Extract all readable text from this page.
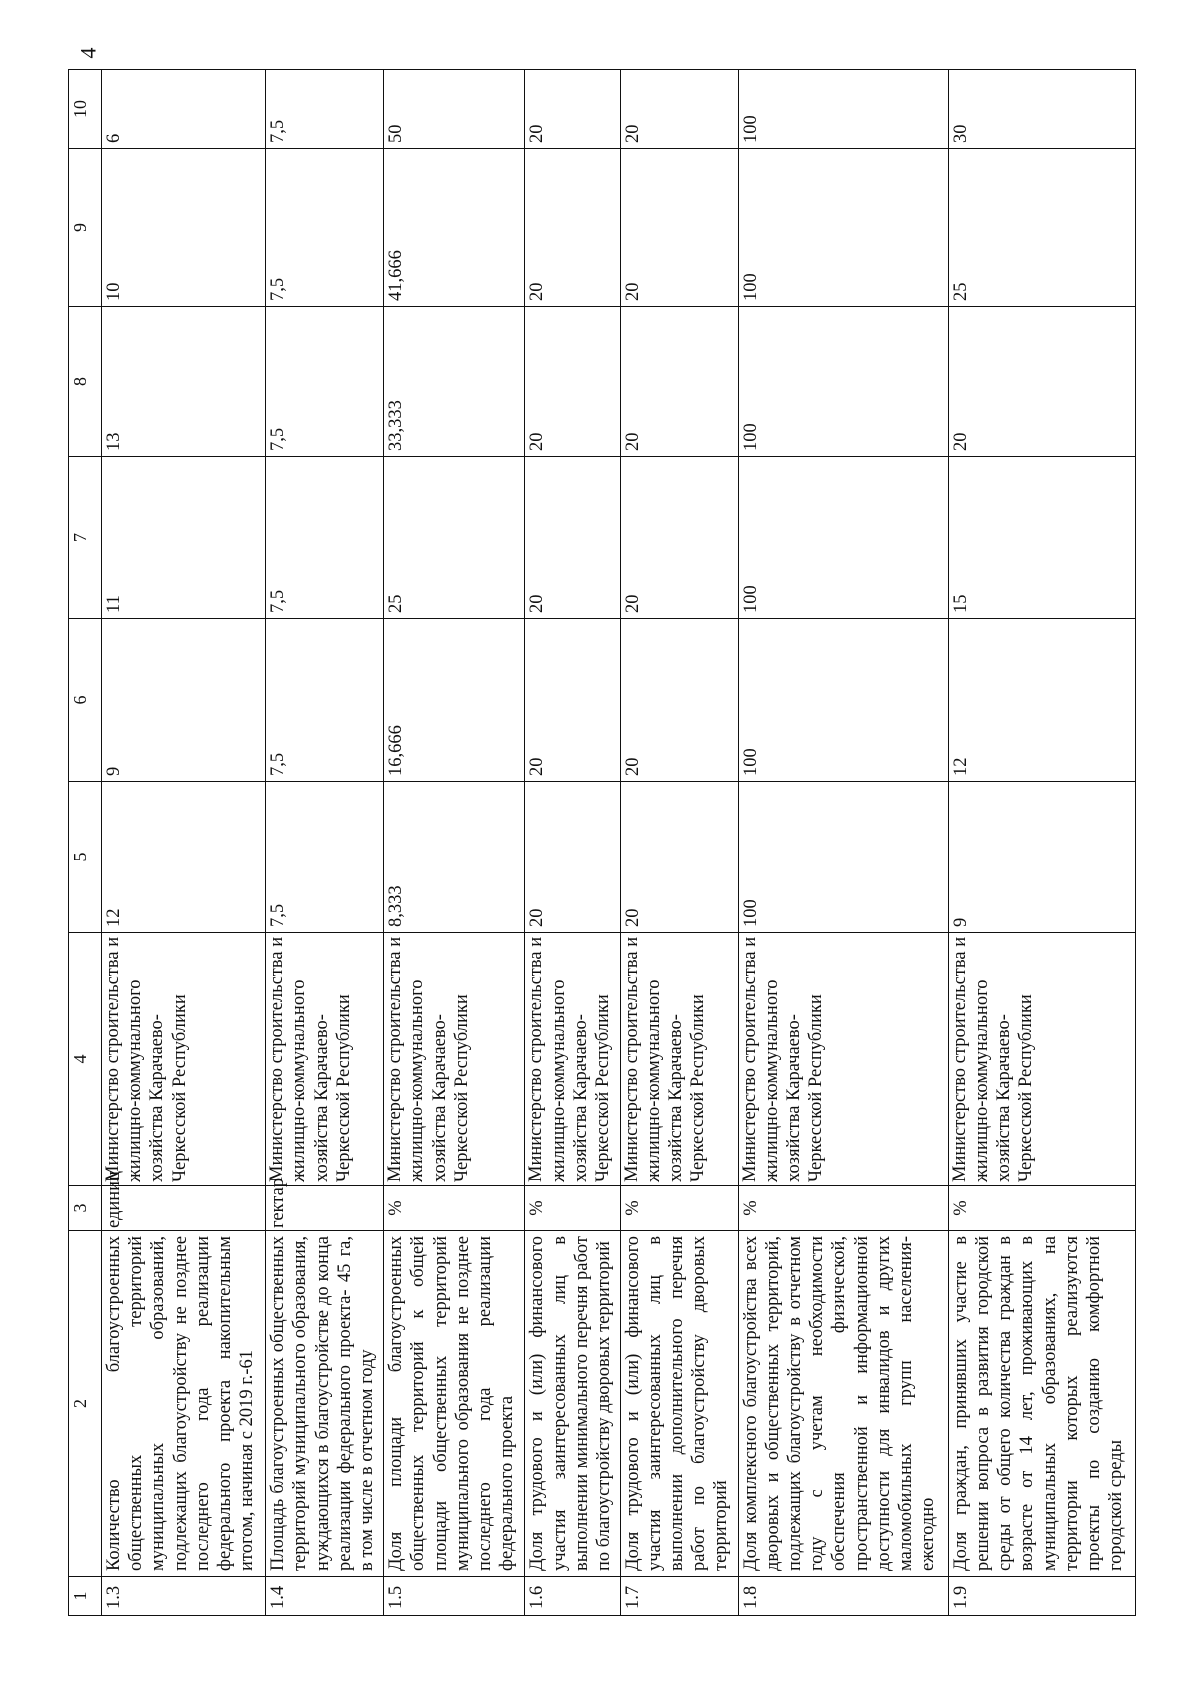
4
1	2	3	4	5	6	7	8	9	10
1.3	Количество благоустроенных общественных территорий муниципальных образований, подлежащих благоустройству не позднее последнего года реализации федерального проекта накопительным итогом, начиная с 2019 г.-61	единиц	Министерство строительства и жилищно-коммунального хозяйства Карачаево-Черкесской Республики	12	9	11	13	10	6
1.4	Площадь благоустроенных общественных территорий муниципального образования, нуждающихся в благоустройстве до конца реализации федерального проекта- 45 га, в том числе в отчетном году	гектар	Министерство строительства и жилищно-коммунального хозяйства Карачаево-Черкесской Республики	7,5	7,5	7,5	7,5	7,5	7,5
1.5	Доля площади благоустроенных общественных территорий к общей площади общественных территорий муниципального образования не позднее последнего года реализации федерального проекта	%	Министерство строительства и жилищно-коммунального хозяйства Карачаево-Черкесской Республики	8,333	16,666	25	33,333	41,666	50
1.6	Доля трудового и (или) финансового участия заинтересованных лиц в выполнении минимального перечня работ по благоустройству дворовых территорий	%	Министерство строительства и жилищно-коммунального хозяйства Карачаево-Черкесской Республики	20	20	20	20	20	20
1.7	Доля трудового и (или) финансового участия заинтересованных лиц в выполнении дополнительного перечня работ по благоустройству дворовых территорий	%	Министерство строительства и жилищно-коммунального хозяйства Карачаево-Черкесской Республики	20	20	20	20	20	20
1.8	Доля комплексного благоустройства всех дворовых и общественных территорий, подлежащих благоустройству в отчетном году с учетам необходимости обеспечения физической, пространственной и информационной доступности для инвалидов и других маломобильных групп населения- ежегодно	%	Министерство строительства и жилищно-коммунального хозяйства Карачаево-Черкесской Республики	100	100	100	100	100	100
1.9	Доля граждан, принявших участие в решении вопроса в развития городской среды от общего количества граждан в возрасте от 14 лет, проживающих в муниципальных образованиях, на территории которых реализуются проекты по созданию комфортной городской среды	%	Министерство строительства и жилищно-коммунального хозяйства Карачаево-Черкесской Республики	9	12	15	20	25	30
